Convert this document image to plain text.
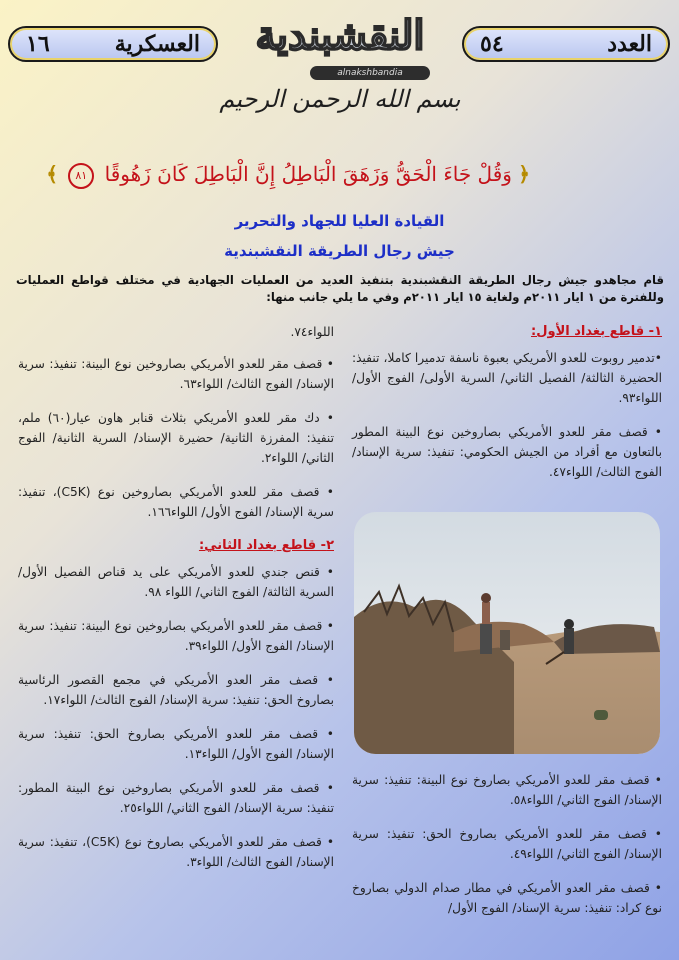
١٦	العسكرية	النقشبندية
alnakshbandia
٥٤	العدد
بسم الله الرحمن الرحيم
﴿ وَقُلْ جَاءَ الْحَقُّ وَزَهَقَ الْبَاطِلُ إِنَّ الْبَاطِلَ كَانَ زَهُوقًا ٨١ ﴾
القيادة العليا للجهاد والتحرير
جيش رجال الطريقة النقشبندية
قام مجاهدو جيش رجال الطريقة النقشبندية بتنفيذ العديد من العمليات الجهادية في مختلف قواطع العمليات وللفترة من ١ ايار ٢٠١١م ولغاية ١٥ ايار ٢٠١١م وفي ما يلي جانب منها:
١- قاطع بغداد الأول:
•تدمير روبوت للعدو الأمريكي بعبوة ناسفة تدميرا كاملا، تنفيذ: الحضيرة الثالثة/ الفصيل الثاني/ السرية الأولى/ الفوج الأول/ اللواء٩٣.
• قصف مقر للعدو الأمريكي بصاروخين نوع البينة المطور بالتعاون مع أفراد من الجيش الحكومي: تنفيذ: سرية الإسناد/ الفوج الثالث/ اللواء٤٧.
• قصف مقر للعدو الأمريكي بصاروخ نوع البينة: تنفيذ: سرية الإسناد/ الفوج الثاني/ اللواء٥٨.
• قصف مقر للعدو الأمريكي بصاروخ الحق: تنفيذ: سرية الإسناد/ الفوج الثاني/ اللواء٤٩.
• قصف مقر العدو الأمريكي في مطار صدام الدولي بصاروخ نوع كراد: تنفيذ: سرية الإسناد/ الفوج الأول/
اللواء٧٤.
• قصف مقر للعدو الأمريكي بصاروخين نوع البينة: تنفيذ: سرية الإسناد/ الفوج الثالث/ اللواء٦٣.
• دك مقر للعدو الأمريكي بثلاث قنابر هاون عيار(٦٠) ملم، تنفيذ: المفرزة الثانية/ حضيرة الإسناد/ السرية الثانية/ الفوج الثاني/ اللواء٢.
• قصف مقر للعدو الأمريكي بصاروخين نوع (C5K)، تنفيذ: سرية الإسناد/ الفوج الأول/ اللواء١٦٦.
٢- قاطع بغداد الثاني:
• قنص جندي للعدو الأمريكي على يد قناص الفصيل الأول/ السرية الثالثة/ الفوج الثاني/ اللواء ٩٨.
• قصف مقر للعدو الأمريكي بصاروخين نوع البينة: تنفيذ: سرية الإسناد/ الفوج الأول/ اللواء٣٩.
• قصف مقر العدو الأمريكي في مجمع القصور الرئاسية بصاروخ الحق: تنفيذ: سرية الإسناد/ الفوج الثالث/ اللواء١٧.
• قصف مقر للعدو الأمريكي بصاروخ الحق: تنفيذ: سرية الإسناد/ الفوج الأول/ اللواء١٣.
• قصف مقر للعدو الأمريكي بصاروخين نوع البينة المطور: تنفيذ: سرية الإسناد/ الفوج الثاني/ اللواء٢٥.
• قصف مقر للعدو الأمريكي بصاروخ نوع (C5K)، تنفيذ: سرية الإسناد/ الفوج الثالث/ اللواء٣.
